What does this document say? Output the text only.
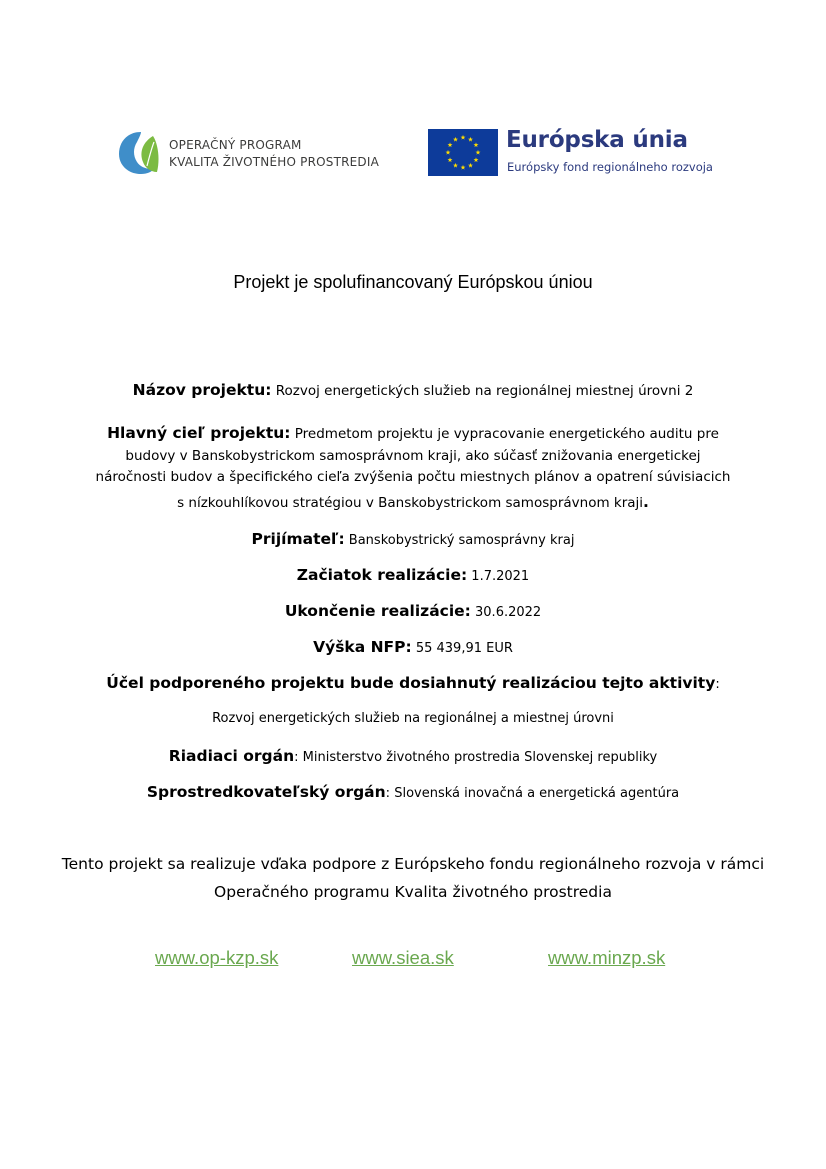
OPERAČNÝ PROGRAM
KVALITA ŽIVOTNÉHO PROSTREDIA
Európska únia
Európsky fond regionálneho rozvoja
Projekt je spolufinancovaný Európskou úniou
Názov projektu: Rozvoj energetických služieb na regionálnej miestnej úrovni 2
Hlavný cieľ projektu: Predmetom projektu je vypracovanie energetického auditu pre
budovy v Banskobystrickom samosprávnom kraji, ako súčasť znižovania energetickej
náročnosti budov a špecifického cieľa zvýšenia počtu miestnych plánov a opatrení súvisiacich
s nízkouhlíkovou stratégiou v Banskobystrickom samosprávnom kraji.
Prijímateľ: Banskobystrický samosprávny kraj
Začiatok realizácie: 1.7.2021
Ukončenie realizácie: 30.6.2022
Výška NFP: 55 439,91 EUR
Účel podporeného projektu bude dosiahnutý realizáciou tejto aktivity:
Rozvoj energetických služieb na regionálnej a miestnej úrovni
Riadiaci orgán: Ministerstvo životného prostredia Slovenskej republiky
Sprostredkovateľský orgán: Slovenská inovačná a energetická agentúra
Tento projekt sa realizuje vďaka podpore z Európskeho fondu regionálneho rozvoja v rámci
Operačného programu Kvalita životného prostredia
www.op-kzp.sk	www.siea.sk	www.minzp.sk
